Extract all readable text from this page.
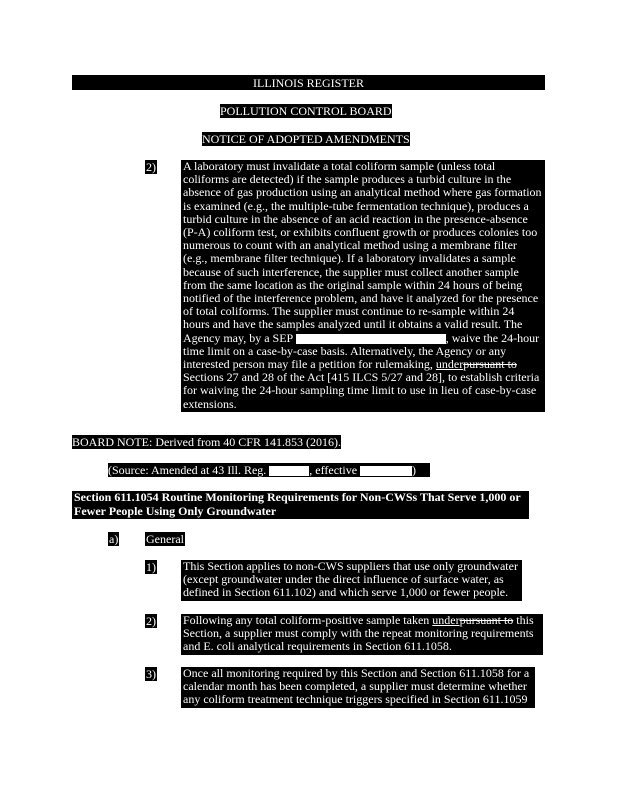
ILLINOIS REGISTER
POLLUTION CONTROL BOARD
NOTICE OF ADOPTED AMENDMENTS
2) A laboratory must invalidate a total coliform sample (unless total coliforms are detected) if the sample produces a turbid culture in the absence of gas production using an analytical method where gas formation is examined (e.g., the multiple-tube fermentation technique), produces a turbid culture in the absence of an acid reaction in the presence-absence (P-A) coliform test, or exhibits confluent growth or produces colonies too numerous to count with an analytical method using a membrane filter (e.g., membrane filter technique). If a laboratory invalidates a sample because of such interference, the supplier must collect another sample from the same location as the original sample within 24 hours of being notified of the interference problem, and have it analyzed for the presence of total coliforms. The supplier must continue to re-sample within 24 hours and have the samples analyzed until it obtains a valid result. The Agency may, by a SEP	, waive the 24-hour time limit on a case-by-case basis. Alternatively, the Agency or any interested person may file a petition for rulemaking, underpursuant to Sections 27 and 28 of the Act [415 ILCS 5/27 and 28], to establish criteria for waiving the 24-hour sampling time limit to use in lieu of case-by-case extensions.
BOARD NOTE: Derived from 40 CFR 141.853 (2016).
(Source: Amended at 43 Ill. Reg.	, effective	)
Section 611.1054 Routine Monitoring Requirements for Non-CWSs That Serve 1,000 or Fewer People Using Only Groundwater
a) General
1) This Section applies to non-CWS suppliers that use only groundwater (except groundwater under the direct influence of surface water, as defined in Section 611.102) and which serve 1,000 or fewer people.
2) Following any total coliform-positive sample taken underpursuant to this Section, a supplier must comply with the repeat monitoring requirements and E. coli analytical requirements in Section 611.1058.
3) Once all monitoring required by this Section and Section 611.1058 for a calendar month has been completed, a supplier must determine whether any coliform treatment technique triggers specified in Section 611.1059
